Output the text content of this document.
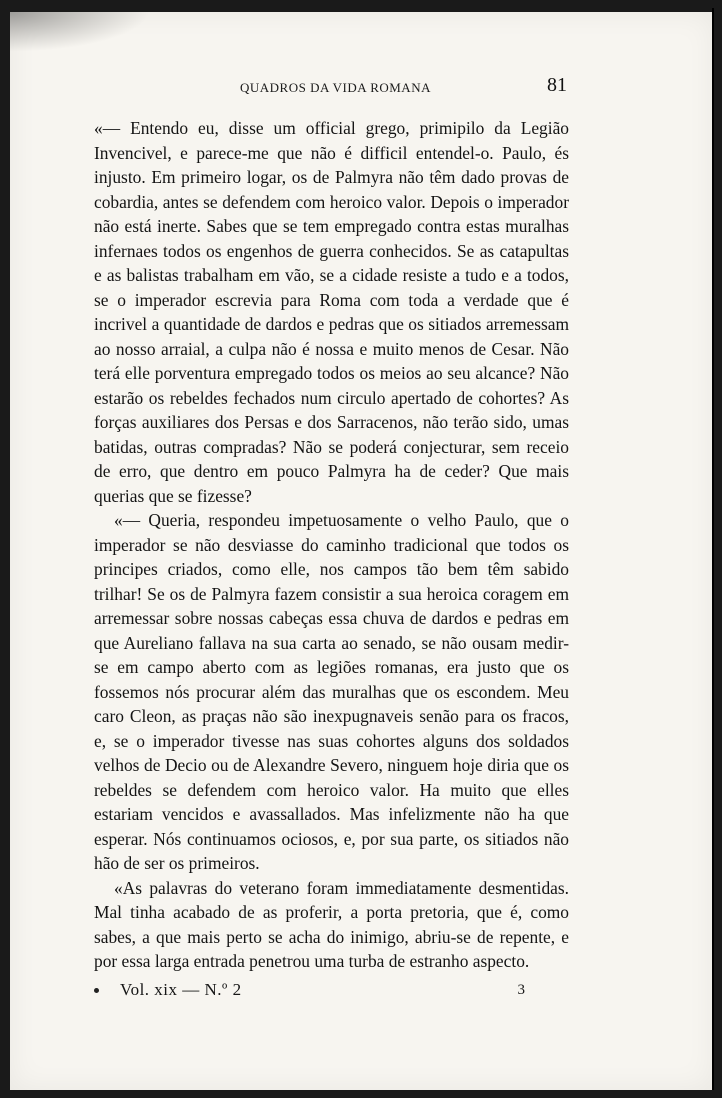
QUADROS DA VIDA ROMANA	81

«— Entendo eu, disse um official grego, primipilo da Legião Invencivel, e parece-me que não é difficil entendel-o. Paulo, és injusto. Em primeiro logar, os de Palmyra não têm dado provas de cobardia, antes se defendem com heroico valor. Depois o imperador não está inerte. Sabes que se tem empregado contra estas muralhas infernaes todos os engenhos de guerra conhecidos. Se as catapultas e as balistas trabalham em vão, se a cidade resiste a tudo e a todos, se o imperador escrevia para Roma com toda a verdade que é incrivel a quantidade de dardos e pedras que os sitiados arremessam ao nosso arraial, a culpa não é nossa e muito menos de Cesar. Não terá elle porventura empregado todos os meios ao seu alcance? Não estarão os rebeldes fechados num circulo apertado de cohortes? As forças auxiliares dos Persas e dos Sarracenos, não terão sido, umas batidas, outras compradas? Não se poderá conjecturar, sem receio de erro, que dentro em pouco Palmyra ha de ceder? Que mais querias que se fizesse?

«— Queria, respondeu impetuosamente o velho Paulo, que o imperador se não desviasse do caminho tradicional que todos os principes criados, como elle, nos campos tão bem têm sabido trilhar! Se os de Palmyra fazem consistir a sua heroica coragem em arremessar sobre nossas cabeças essa chuva de dardos e pedras em que Aureliano fallava na sua carta ao senado, se não ousam medir-se em campo aberto com as legiões romanas, era justo que os fossemos nós procurar além das muralhas que os escondem. Meu caro Cleon, as praças não são inexpugnaveis senão para os fracos, e, se o imperador tivesse nas suas cohortes alguns dos soldados velhos de Decio ou de Alexandre Severo, ninguem hoje diria que os rebeldes se defendem com heroico valor. Ha muito que elles estariam vencidos e avassallados. Mas infelizmente não ha que esperar. Nós continuamos ociosos, e, por sua parte, os sitiados não hão de ser os primeiros.

«As palavras do veterano foram immediatamente desmentidas. Mal tinha acabado de as proferir, a porta pretoria, que é, como sabes, a que mais perto se acha do inimigo, abriu-se de repente, e por essa larga entrada penetrou uma turba de estranho aspecto.

Vol. xix — N.º 2	3
